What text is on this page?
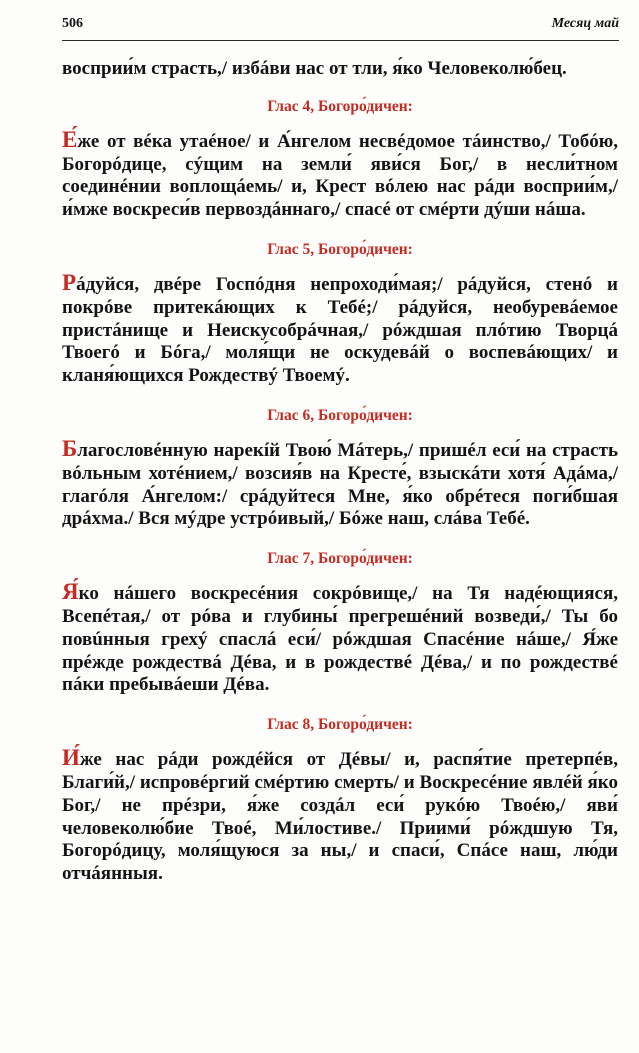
506	Месяц май

восприи́м страсть,/ избáви нас от тли, я́ко Человеколю́бец.

Глас 4, Богоро́дичен:

Е́же от вéка утаéное/ и А́нгелом несвéдомое тáинство,/ Тобóю, Богорóдице, сýщим на земли́ яви́ся Бог,/ в несли́тном соединéнии воплощáемь/ и, Крест вóлею нас рáди восприи́м,/ и́мже воскреси́в первоздáннаго,/ спасé от смéрти дýши нáша.

Глас 5, Богоро́дичен:

Рáдуйся, двéре Госпóдня непроходи́мая;/ рáдуйся, стенó и покрóве притекáющих к Тебé;/ рáдуйся, необуревáемое пристáнище и Неискусобрáчная,/ рóждшая плóтию Творцá Твоегó и Бóга,/ моля́щи не оскудевáй о воспевáющих/ и кланя́ющихся Рождествý Твоемý.

Глас 6, Богоро́дичен:

Благословéнную нарекíй Твою́ Мáтерь,/ пришéл еси́ на страсть вóльным хотéнием,/ возсия́в на Кресте́, взыскáти хотя́ Адáма,/ глагóля А́нгелом:/ срáдуйтеся Мне, я́ко обрéтеся поги́бшая дрáхма./ Вся мýдре устрóивый,/ Бóже наш, слáва Тебé.

Глас 7, Богоро́дичен:

Я́ко нáшего воскресéния сокрóвище,/ на Тя надéющияся, Всепéтая,/ от рóва и глубины́ прегрешéний возведи́,/ Ты бо повúнныя грехý спаслá еси́/ рóждшая Спасéние нáше,/ Я́же прéжде рождествá Дéва, и в рождествé Дéва,/ и по рождествé пáки пребывáеши Дéва.

Глас 8, Богоро́дичен:

И́же нас рáди рождéйся от Дéвы/ и, распя́тие претерпéв, Благи́й,/ испровéргий смéртию смерть/ и Воскресéние явлéй я́ко Бог,/ не прéзри, я́же создáл еси́ рукóю Твоéю,/ яви́ человеколю́бие Твоé, Ми́лостиве./ Приими́ рóждшую Тя, Богорóдицу, моля́щуюся за ны,/ и спаси́, Спáсе наш, лю́ди отчáянныя.
